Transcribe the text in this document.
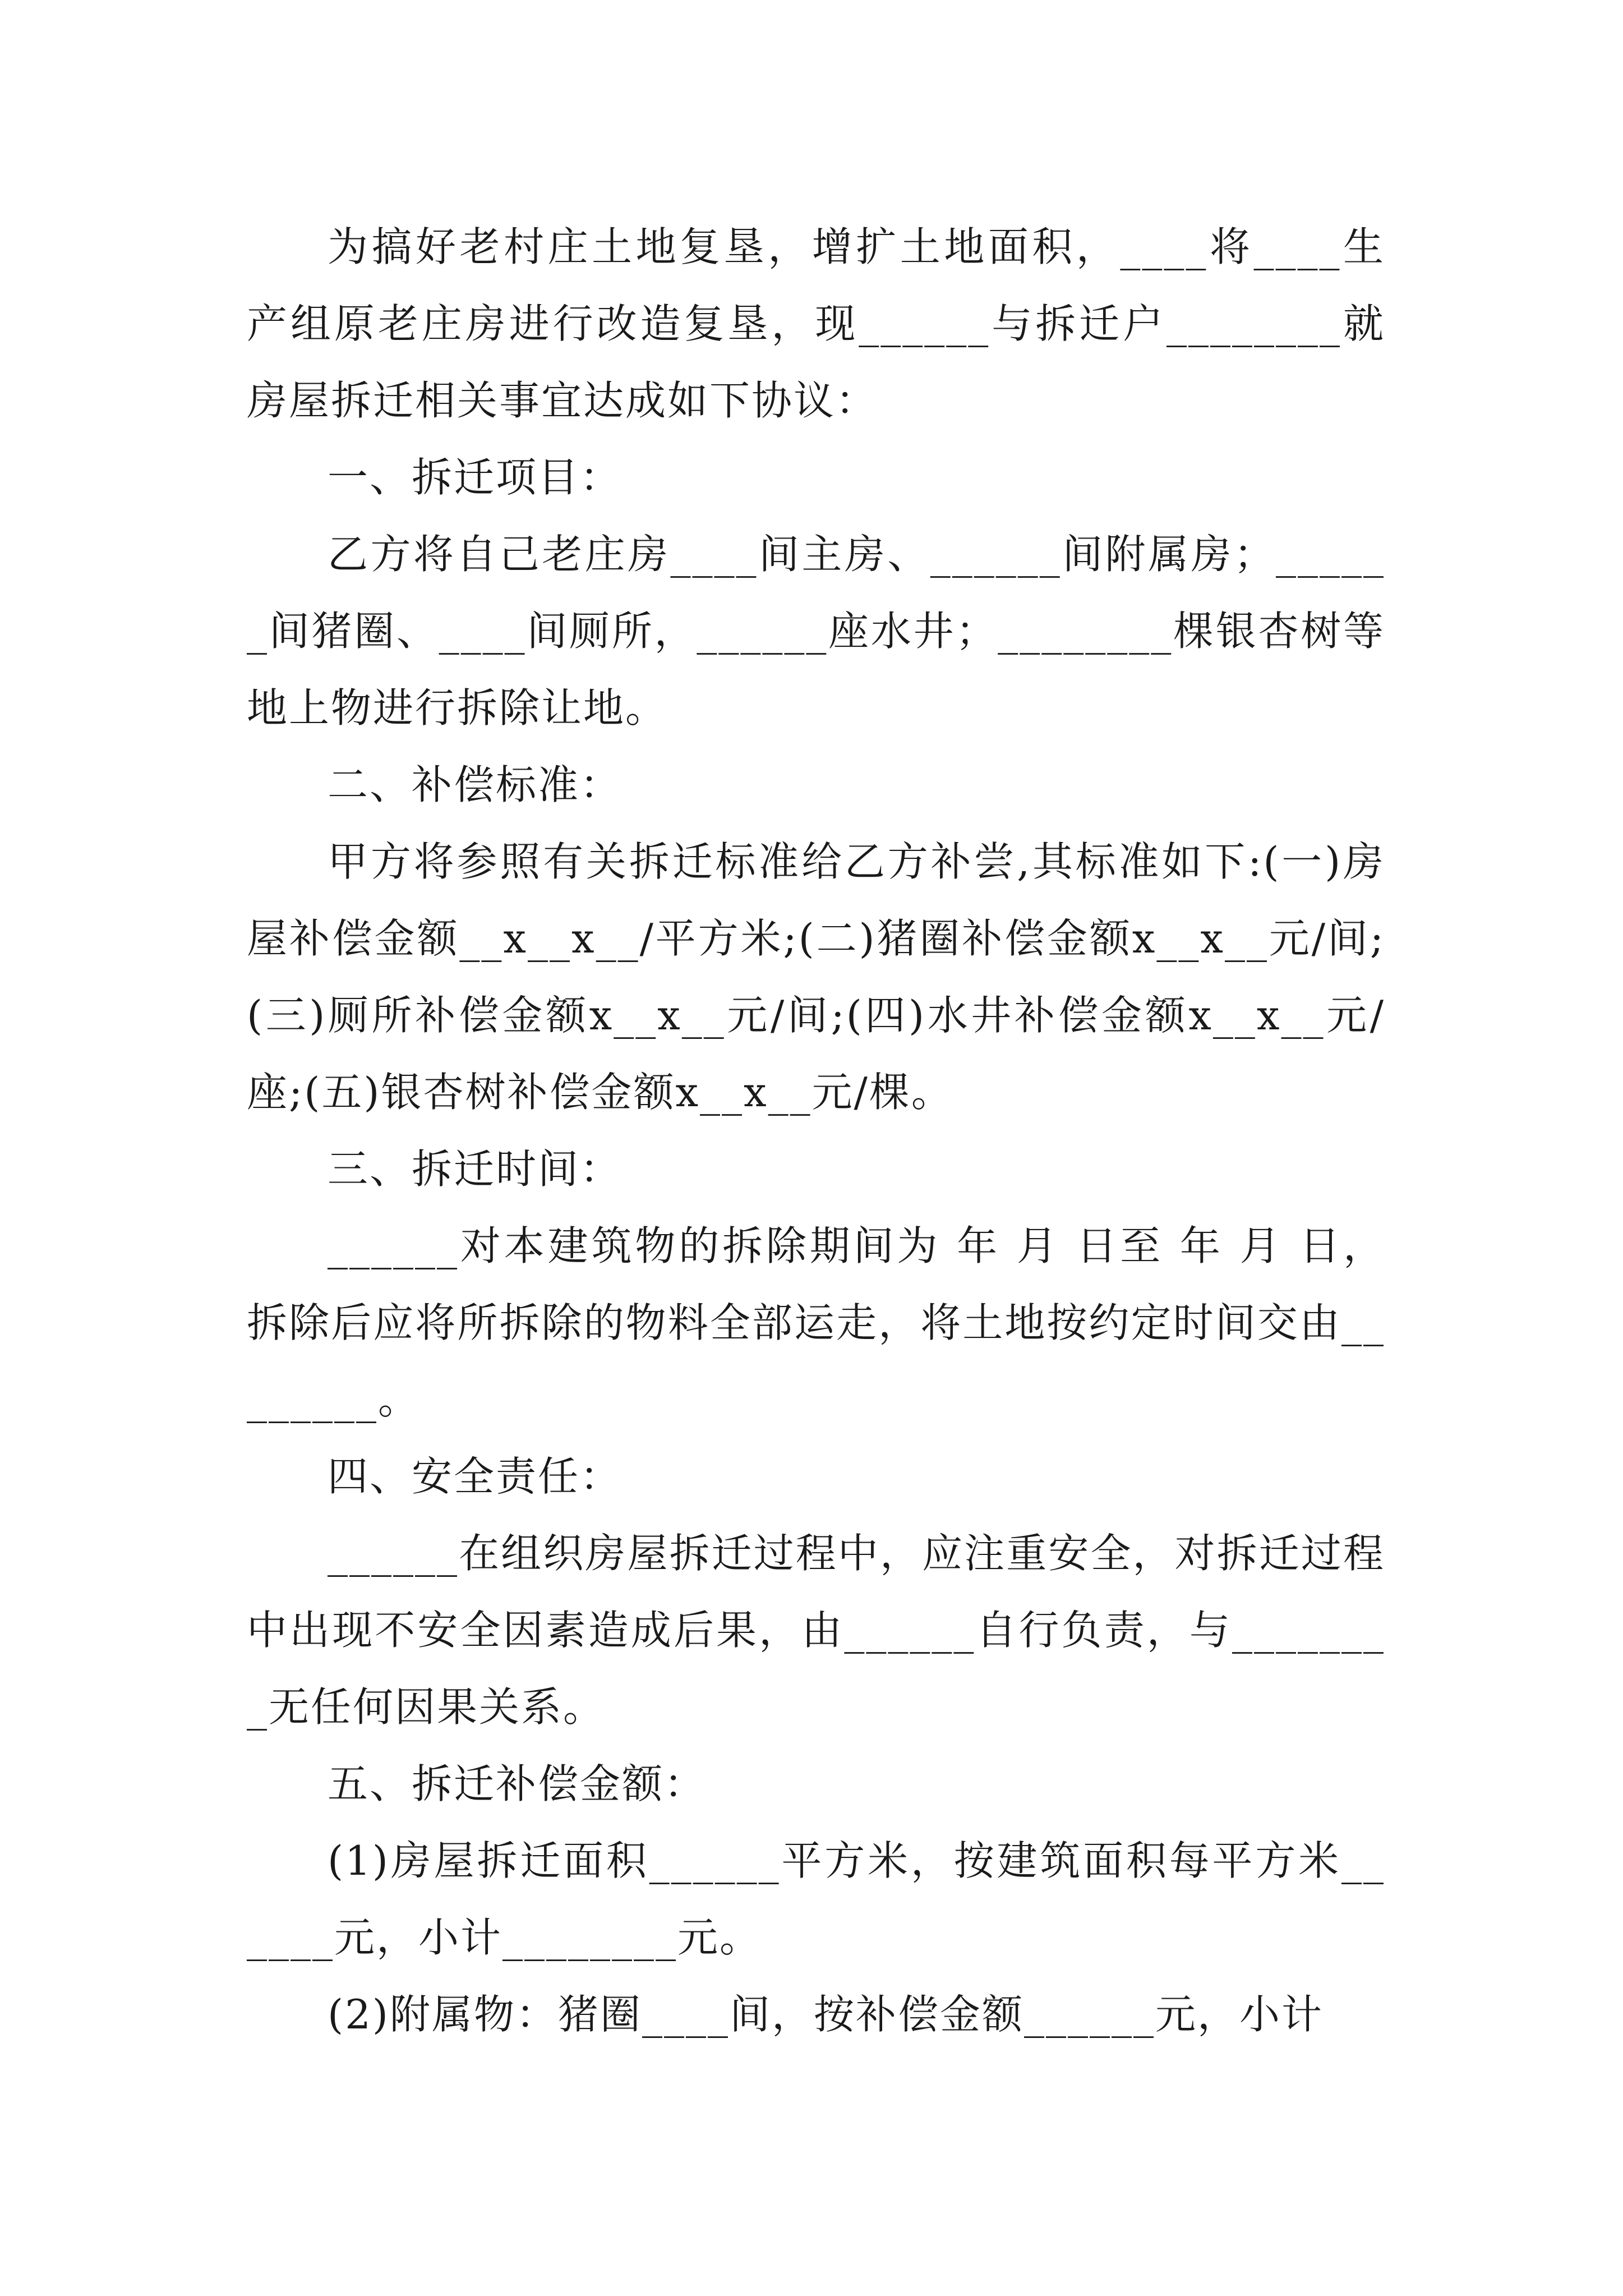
为搞好老村庄土地复垦，增扩土地面积，____将____生产组原老庄房进行改造复垦，现______与拆迁户________就房屋拆迁相关事宜达成如下协议：

一、拆迁项目：

乙方将自己老庄房____间主房、______间附属房；______间猪圈、____间厕所，______座水井；________棵银杏树等地上物进行拆除让地。

二、补偿标准：

甲方将参照有关拆迁标准给乙方补尝,其标准如下:(一)房屋补偿金额__x__x__/平方米;(二)猪圈补偿金额x__x__元/间;(三)厕所补偿金额x__x__元/间;(四)水井补偿金额x__x__元/座;(五)银杏树补偿金额x__x__元/棵。

三、拆迁时间：

______对本建筑物的拆除期间为 年 月 日至 年 月 日，拆除后应将所拆除的物料全部运走，将土地按约定时间交由________。

四、安全责任：

______在组织房屋拆迁过程中，应注重安全，对拆迁过程中出现不安全因素造成后果，由______自行负责，与________无任何因果关系。

五、拆迁补偿金额：

(1)房屋拆迁面积______平方米，按建筑面积每平方米______元，小计________元。

(2)附属物：猪圈____间，按补偿金额______元，小计
